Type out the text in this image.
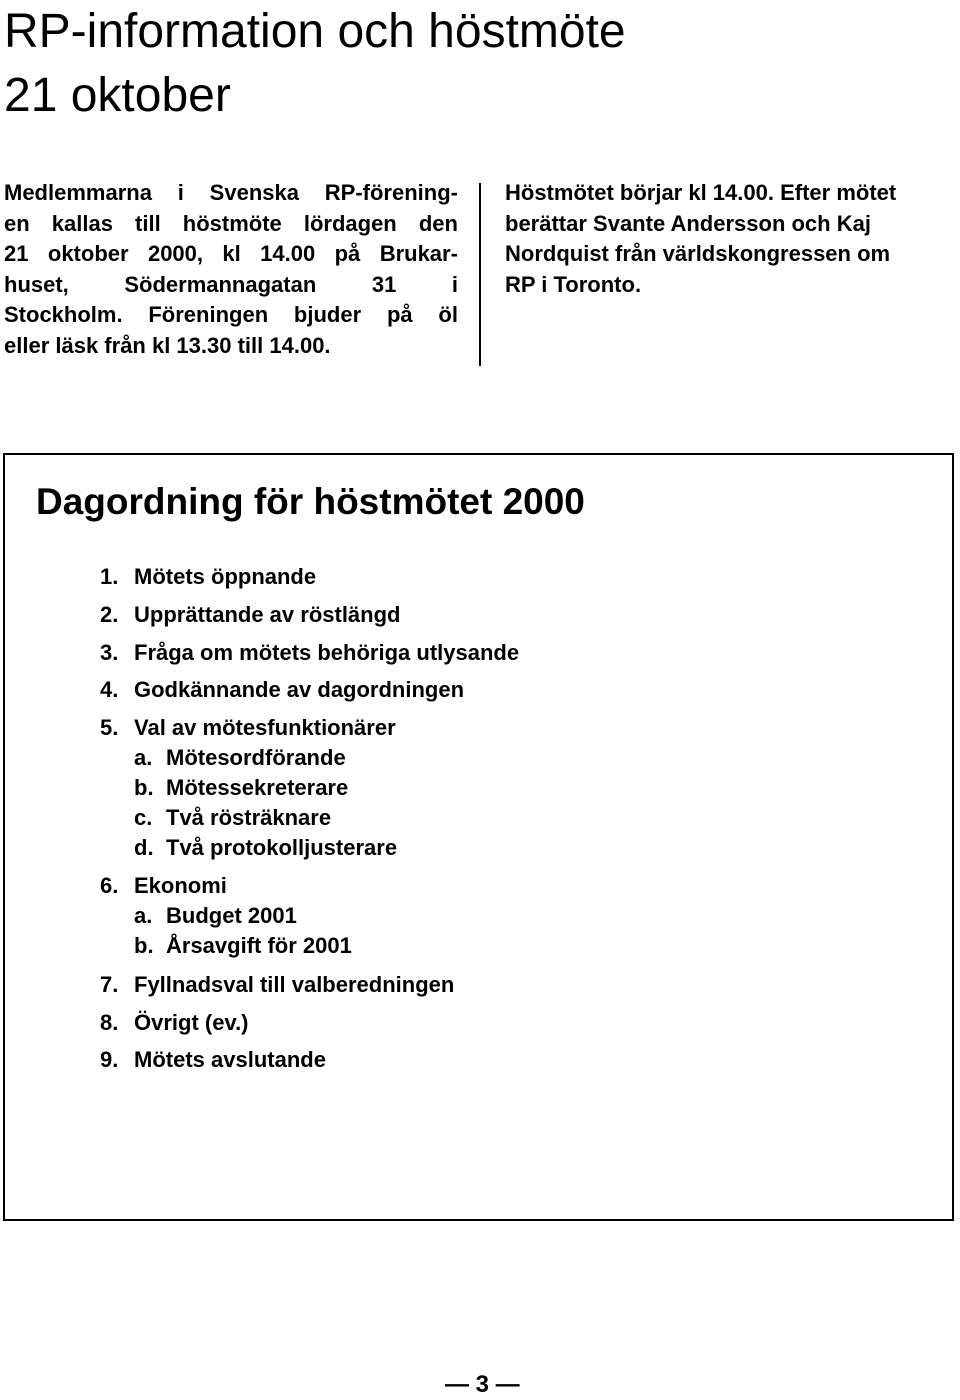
RP-information och höstmöte
21 oktober
Medlemmarna i Svenska RP-förening-
en kallas till höstmöte lördagen den
21 oktober 2000, kl 14.00 på Brukar-
huset,	Södermannagatan	31	i
Stockholm. Föreningen bjuder på öl
eller läsk från kl 13.30 till 14.00.
Höstmötet börjar kl 14.00. Efter mötet
berättar Svante Andersson och Kaj
Nordquist från världskongressen om
RP i Toronto.
Dagordning för höstmötet 2000
1. Mötets öppnande
2. Upprättande av röstlängd
3. Fråga om mötets behöriga utlysande
4. Godkännande av dagordningen
5. Val av mötesfunktionärer
a. Mötesordförande
b. Mötessekreterare
c. Två rösträknare
d. Två protokolljusterare
6. Ekonomi
a. Budget 2001
b. Årsavgift för 2001
7. Fyllnadsval till valberedningen
8. Övrigt (ev.)
9. Mötets avslutande
— 3 —
